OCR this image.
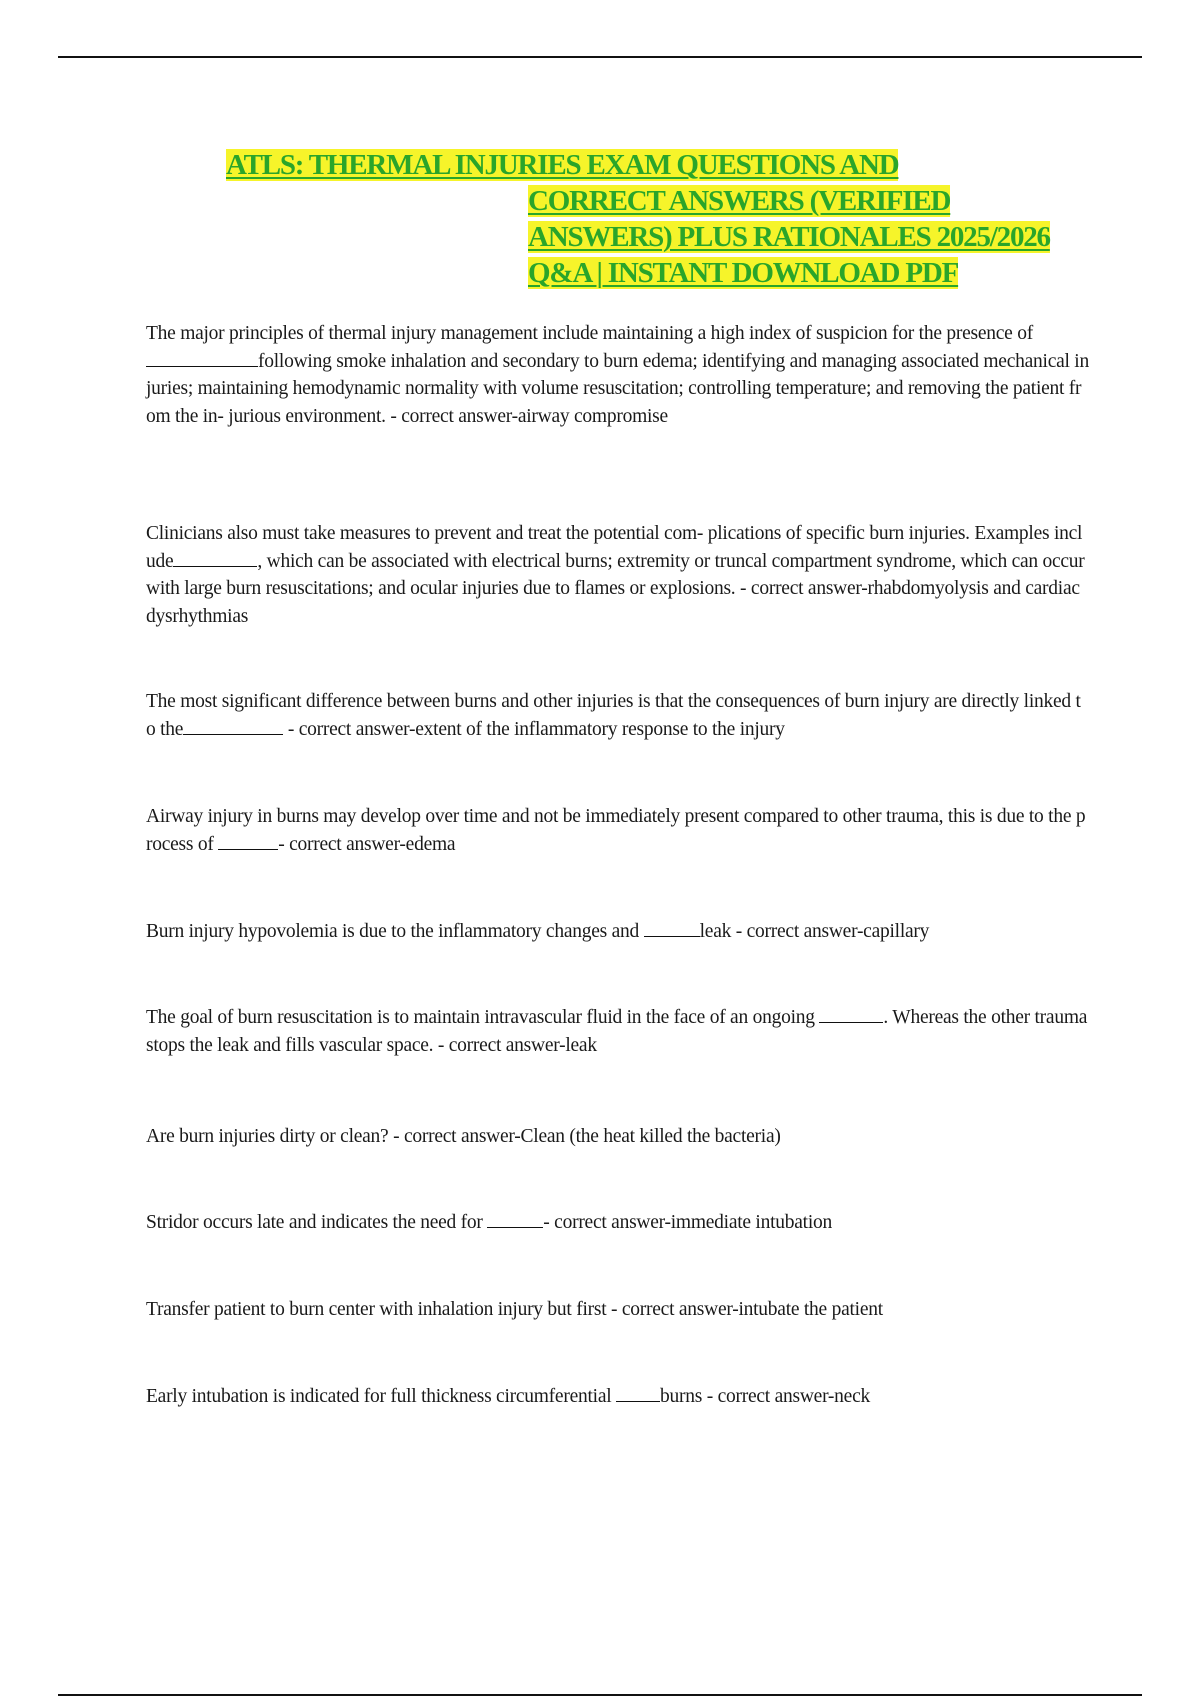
ATLS: THERMAL INJURIES EXAM QUESTIONS AND
CORRECT ANSWERS (VERIFIED
ANSWERS) PLUS RATIONALES 2025/2026
Q&A | INSTANT DOWNLOAD PDF
The major principles of thermal injury management include maintaining a high index of suspicion for the presence of following smoke inhalation and secondary to burn edema; identifying and managing associated mechanical injuries; maintaining hemodynamic normality with volume resuscitation; controlling temperature; and removing the patient from the in- jurious environment. - correct answer-airway compromise
Clinicians also must take measures to prevent and treat the potential com- plications of specific burn injuries. Examples include	, which can be associated with electrical burns; extremity or truncal compartment syndrome, which can occur with large burn resuscitations; and ocular injuries due to flames or explosions. - correct answer-rhabdomyolysis and cardiac dysrhythmias
The most significant difference between burns and other injuries is that the consequences of burn injury are directly linked to the	- correct answer-extent of the inflammatory response to the injury
Airway injury in burns may develop over time and not be immediately present compared to other trauma, this is due to the process of	- correct answer-edema
Burn injury hypovolemia is due to the inflammatory changes and	leak - correct answer-capillary
The goal of burn resuscitation is to maintain intravascular fluid in the face of an ongoing	. Whereas the other trauma stops the leak and fills vascular space. - correct answer-leak
Are burn injuries dirty or clean? - correct answer-Clean (the heat killed the bacteria)
Stridor occurs late and indicates the need for	- correct answer-immediate intubation
Transfer patient to burn center with inhalation injury but first - correct answer-intubate the patient
Early intubation is indicated for full thickness circumferential burns - correct answer-neck
